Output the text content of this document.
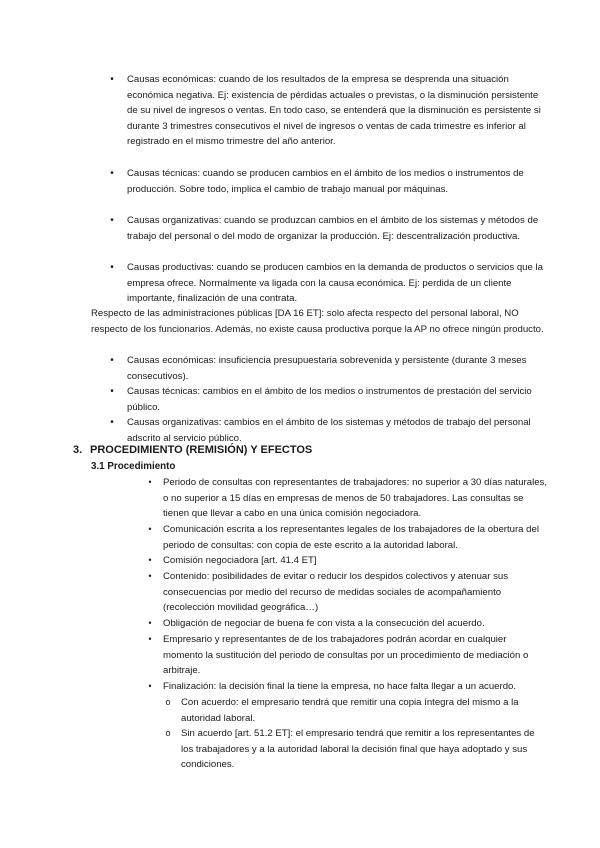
•	Causas económicas: cuando de los resultados de la empresa se desprenda una situación económica negativa. Ej: existencia de pérdidas actuales o previstas, o la disminución persistente de su nivel de ingresos o ventas. En todo caso, se entenderá que la disminución es persistente si durante 3 trimestres consecutivos el nivel de ingresos o ventas de cada trimestre es inferior al registrado en el mismo trimestre del año anterior.
•	Causas técnicas: cuando se producen cambios en el ámbito de los medios o instrumentos de producción. Sobre todo, implica el cambio de trabajo manual por máquinas.
•	Causas organizativas: cuando se produzcan cambios en el ámbito de los sistemas y métodos de trabajo del personal o del modo de organizar la producción. Ej: descentralización productiva.
•	Causas productivas: cuando se producen cambios en la demanda de productos o servicios que la empresa ofrece. Normalmente va ligada con la causa económica. Ej: perdida de un cliente importante, finalización de una contrata.
Respecto de las administraciones públicas [DA 16 ET]: solo afecta respecto del personal laboral, NO respecto de los funcionarios. Además, no existe causa productiva porque la AP no ofrece ningún producto.
•	Causas económicas: insuficiencia presupuestaria sobrevenida y persistente (durante 3 meses consecutivos).
•	Causas técnicas: cambios en el ámbito de los medios o instrumentos de prestación del servicio público.
•	Causas organizativas: cambios en el ámbito de los sistemas y métodos de trabajo del personal adscrito al servicio público.
3. PROCEDIMIENTO (REMISIÓN) Y EFECTOS
3.1 Procedimiento
•	Periodo de consultas con representantes de trabajadores: no superior a 30 días naturales, o no superior a 15 días en empresas de menos de 50 trabajadores. Las consultas se tienen que llevar a cabo en una única comisión negociadora.
•	Comunicación escrita a los representantes legales de los trabajadores de la obertura del periodo de consultas: con copia de este escrito a la autoridad laboral.
•	Comisión negociadora [art. 41.4 ET]
•	Contenido: posibilidades de evitar o reducir los despidos colectivos y atenuar sus consecuencias por medio del recurso de medidas sociales de acompañamiento (recolección movilidad geográfica…)
•	Obligación de negociar de buena fe con vista a la consecución del acuerdo.
•	Empresario y representantes de de los trabajadores podrán acordar en cualquier momento la sustitución del periodo de consultas por un procedimiento de mediación o arbitraje.
•	Finalización: la decisión final la tiene la empresa, no hace falta llegar a un acuerdo.
o Con acuerdo: el empresario tendrá que remitir una copia íntegra del mismo a la autoridad laboral.
o Sin acuerdo [art. 51.2 ET]: el empresario tendrá que remitir a los representantes de los trabajadores y a la autoridad laboral la decisión final que haya adoptado y sus condiciones.
